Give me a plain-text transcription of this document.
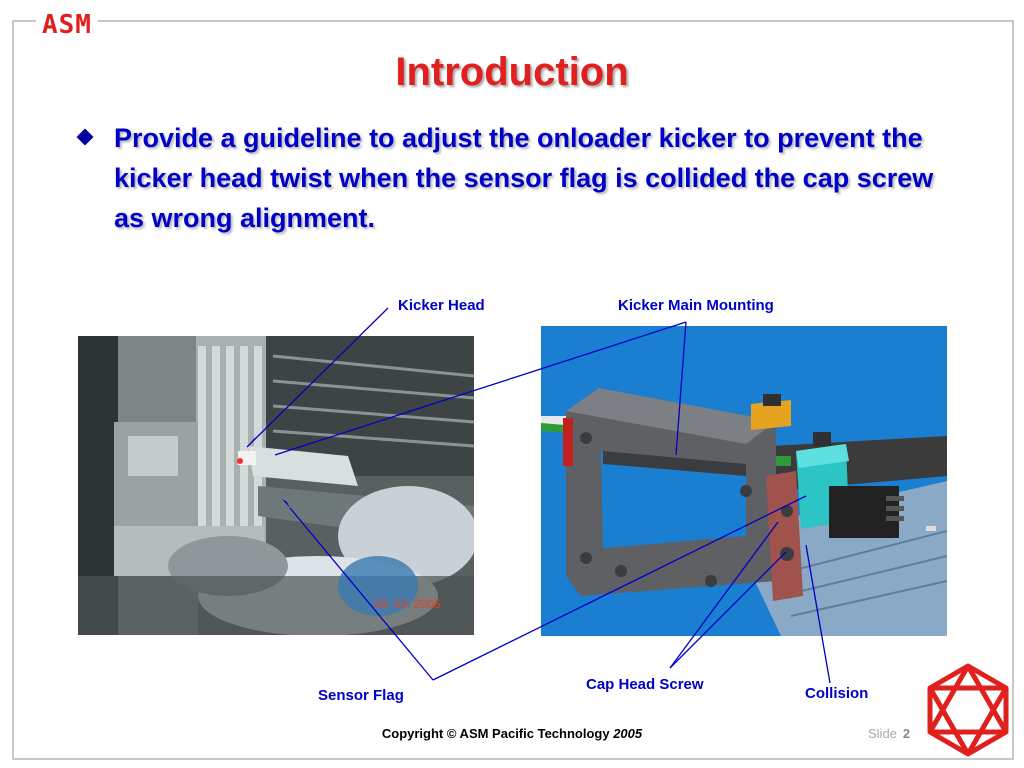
ASM
Introduction
Provide a guideline to adjust the onloader kicker to prevent the kicker head twist when the sensor flag is collided the cap screw as wrong alignment.
28. 09. 2005
Kicker Head	Kicker Main Mounting
Sensor Flag
Cap Head Screw
Collision
Copyright © ASM Pacific Technology 2005	Slide 2
